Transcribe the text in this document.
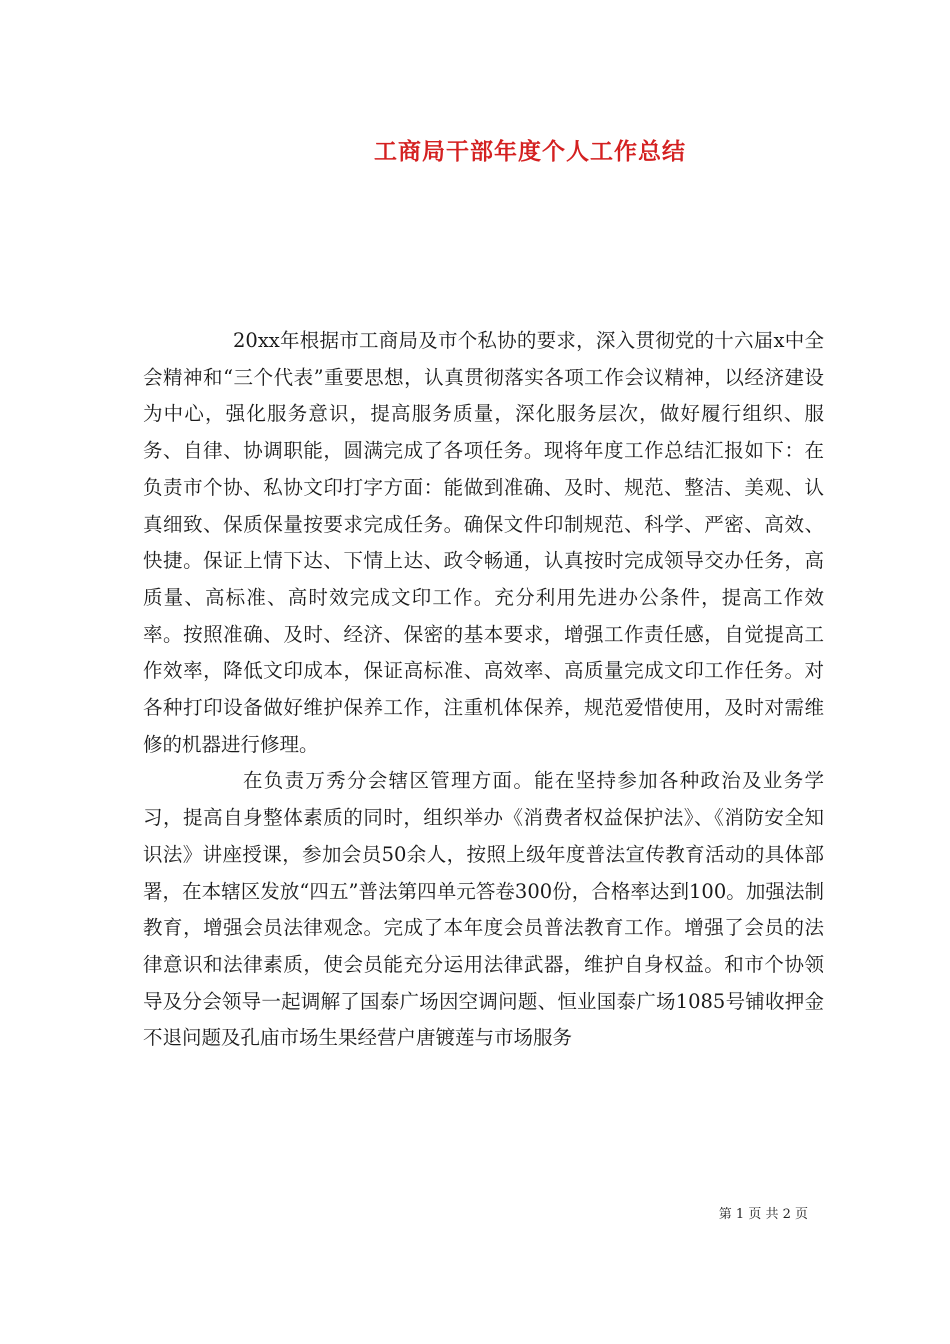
工商局干部年度个人工作总结

20xx年根据市工商局及市个私协的要求，深入贯彻党的十六届x中全会精神和“三个代表”重要思想，认真贯彻落实各项工作会议精神，以经济建设为中心，强化服务意识，提高服务质量，深化服务层次，做好履行组织、服务、自律、协调职能，圆满完成了各项任务。现将年度工作总结汇报如下：在负责市个协、私协文印打字方面：能做到准确、及时、规范、整洁、美观、认真细致、保质保量按要求完成任务。确保文件印制规范、科学、严密、高效、快捷。保证上情下达、下情上达、政令畅通，认真按时完成领导交办任务，高质量、高标准、高时效完成文印工作。充分利用先进办公条件，提高工作效率。按照准确、及时、经济、保密的基本要求，增强工作责任感，自觉提高工作效率，降低文印成本，保证高标准、高效率、高质量完成文印工作任务。对各种打印设备做好维护保养工作，注重机体保养，规范爱惜使用，及时对需维修的机器进行修理。

在负责万秀分会辖区管理方面。能在坚持参加各种政治及业务学习，提高自身整体素质的同时，组织举办《消费者权益保护法》、《消防安全知识法》讲座授课，参加会员50余人，按照上级年度普法宣传教育活动的具体部署，在本辖区发放“四五”普法第四单元答卷300份，合格率达到100。加强法制教育，增强会员法律观念。完成了本年度会员普法教育工作。增强了会员的法律意识和法律素质，使会员能充分运用法律武器，维护自身权益。和市个协领导及分会领导一起调解了国泰广场因空调问题、恒业国泰广场1085号铺收押金不退问题及孔庙市场生果经营户唐镀莲与市场服务

第 1 页 共 2 页
